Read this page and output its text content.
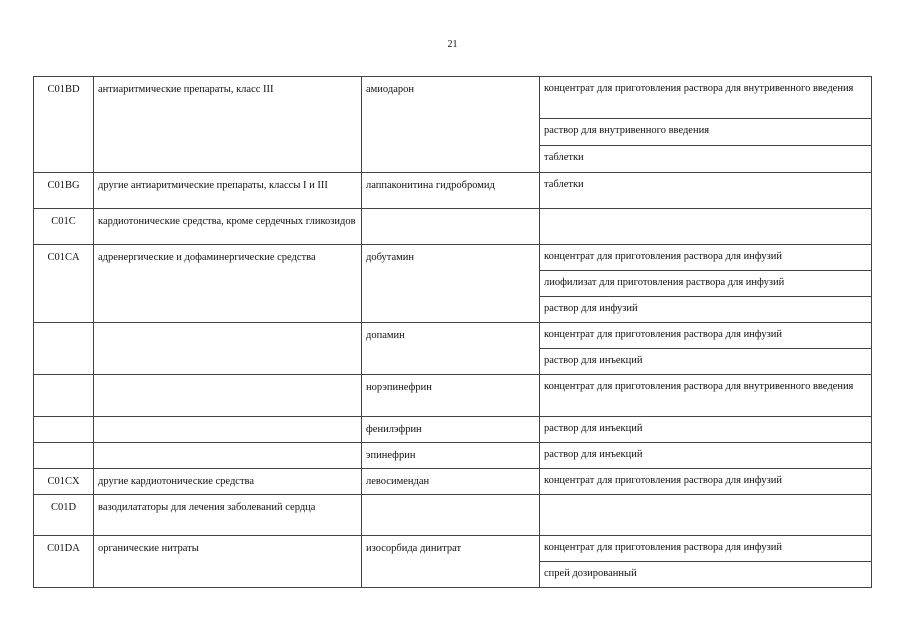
21
C01BD	антиаритмические препараты, класс III	амиодарон	концентрат для приготовления раствора для внутривенного введения
			раствор для внутривенного введения
			таблетки
C01BG	другие антиаритмические препараты, классы I и III	лаппаконитина гидробромид	таблетки
C01C	кардиотонические средства, кроме сердечных гликозидов		
C01CA	адренергические и дофаминергические средства	добутамин	концентрат для приготовления раствора для инфузий
			лиофилизат для приготовления раствора для инфузий
			раствор для инфузий
		допамин	концентрат для приготовления раствора для инфузий
			раствор для инъекций
		норэпинефрин	концентрат для приготовления раствора для внутривенного введения
		фенилэфрин	раствор для инъекций
		эпинефрин	раствор для инъекций
C01CX	другие кардиотонические средства	левосимендан	концентрат для приготовления раствора для инфузий
C01D	вазодилататоры для лечения заболеваний сердца		
C01DA	органические нитраты	изосорбида динитрат	концентрат для приготовления раствора для инфузий
			спрей дозированный
